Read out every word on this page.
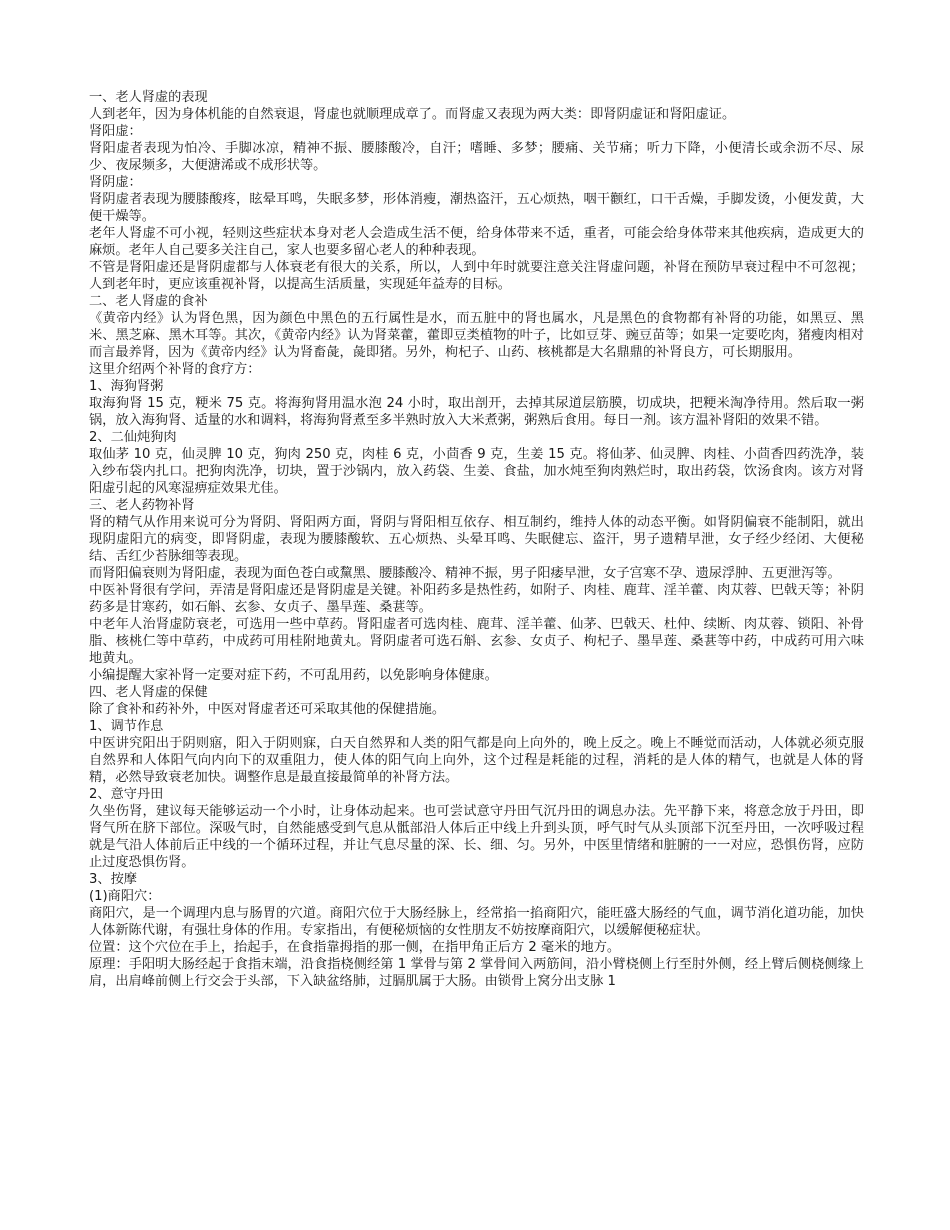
一、老人肾虚的表现
人到老年，因为身体机能的自然衰退，肾虚也就顺理成章了。而肾虚又表现为两大类：即肾阴虚证和肾阳虚证。
肾阳虚：
肾阳虚者表现为怕冷、手脚冰凉，精神不振、腰膝酸冷，自汗；嗜睡、多梦；腰痛、关节痛；听力下降，小便清长或余沥不尽、尿少、夜尿频多，大便溏浠或不成形状等。
肾阴虚：
肾阴虚者表现为腰膝酸疼，眩晕耳鸣，失眠多梦，形体消瘦，潮热盗汗，五心烦热，咽干颧红，口干舌燥，手脚发烫，小便发黄，大便干燥等。
老年人肾虚不可小视，轻则这些症状本身对老人会造成生活不便，给身体带来不适，重者，可能会给身体带来其他疾病，造成更大的麻烦。老年人自己要多关注自己，家人也要多留心老人的种种表现。
不管是肾阳虚还是肾阴虚都与人体衰老有很大的关系，所以，人到中年时就要注意关注肾虚问题，补肾在预防早衰过程中不可忽视；人到老年时，更应该重视补肾，以提高生活质量，实现延年益寿的目标。
二、老人肾虚的食补
《黄帝内经》认为肾色黑，因为颜色中黑色的五行属性是水，而五脏中的肾也属水，凡是黑色的食物都有补肾的功能，如黑豆、黑米、黑芝麻、黑木耳等。其次，《黄帝内经》认为肾菜藿，藿即豆类植物的叶子，比如豆芽、豌豆苗等；如果一定要吃肉，猪瘦肉相对而言最养肾，因为《黄帝内经》认为肾畜彘，彘即猪。另外，枸杞子、山药、核桃都是大名鼎鼎的补肾良方，可长期服用。
这里介绍两个补肾的食疗方：
1、海狗肾粥
取海狗肾 15 克，粳米 75 克。将海狗肾用温水泡 24 小时，取出剖开，去掉其尿道层筋膜，切成块，把粳米淘净待用。然后取一粥锅，放入海狗肾、适量的水和调料，将海狗肾煮至多半熟时放入大米煮粥，粥熟后食用。每日一剂。该方温补肾阳的效果不错。
2、二仙炖狗肉
取仙茅 10 克，仙灵脾 10 克，狗肉 250 克，肉桂 6 克，小茴香 9 克，生姜 15 克。将仙茅、仙灵脾、肉桂、小茴香四药洗净，装入纱布袋内扎口。把狗肉洗净，切块，置于沙锅内，放入药袋、生姜、食盐，加水炖至狗肉熟烂时，取出药袋，饮汤食肉。该方对肾阳虚引起的风寒湿痹症效果尤佳。
三、老人药物补肾
肾的精气从作用来说可分为肾阴、肾阳两方面，肾阴与肾阳相互依存、相互制约，维持人体的动态平衡。如肾阴偏衰不能制阳，就出现阴虚阳亢的病变，即肾阴虚，表现为腰膝酸软、五心烦热、头晕耳鸣、失眠健忘、盗汗，男子遗精早泄，女子经少经闭、大便秘结、舌红少苔脉细等表现。
而肾阳偏衰则为肾阳虚，表现为面色苍白或黧黑、腰膝酸冷、精神不振，男子阳痿早泄，女子宫寒不孕、遗尿浮肿、五更泄泻等。
中医补肾很有学问，弄清是肾阳虚还是肾阴虚是关键。补阳药多是热性药，如附子、肉桂、鹿茸、淫羊藿、肉苁蓉、巴戟天等；补阴药多是甘寒药，如石斛、玄参、女贞子、墨旱莲、桑葚等。
中老年人治肾虚防衰老，可选用一些中草药。肾阳虚者可选肉桂、鹿茸、淫羊藿、仙茅、巴戟天、杜仲、续断、肉苁蓉、锁阳、补骨脂、核桃仁等中草药，中成药可用桂附地黄丸。肾阴虚者可选石斛、玄参、女贞子、枸杞子、墨旱莲、桑葚等中药，中成药可用六味地黄丸。
小编提醒大家补肾一定要对症下药，不可乱用药，以免影响身体健康。
四、老人肾虚的保健
除了食补和药补外，中医对肾虚者还可采取其他的保健措施。
1、调节作息
中医讲究阳出于阴则寤，阳入于阴则寐，白天自然界和人类的阳气都是向上向外的，晚上反之。晚上不睡觉而活动，人体就必须克服自然界和人体阳气向内向下的双重阻力，使人体的阳气向上向外，这个过程是耗能的过程，消耗的是人体的精气，也就是人体的肾精，必然导致衰老加快。调整作息是最直接最简单的补肾方法。
2、意守丹田
久坐伤肾，建议每天能够运动一个小时，让身体动起来。也可尝试意守丹田气沉丹田的调息办法。先平静下来，将意念放于丹田，即肾气所在脐下部位。深吸气时，自然能感受到气息从骶部沿人体后正中线上升到头顶，呼气时气从头顶部下沉至丹田，一次呼吸过程就是气沿人体前后正中线的一个循环过程，并让气息尽量的深、长、细、匀。另外，中医里情绪和脏腑的一一对应，恐惧伤肾，应防止过度恐惧伤肾。
3、按摩
(1)商阳穴：
商阳穴，是一个调理内息与肠胃的穴道。商阳穴位于大肠经脉上，经常掐一掐商阳穴，能旺盛大肠经的气血，调节消化道功能，加快人体新陈代谢，有强壮身体的作用。专家指出，有便秘烦恼的女性朋友不妨按摩商阳穴，以缓解便秘症状。
位置：这个穴位在手上，抬起手，在食指靠拇指的那一侧，在指甲角正后方 2 毫米的地方。
原理：手阳明大肠经起于食指末端，沿食指桡侧经第 1 掌骨与第 2 掌骨间入两筋间，沿小臂桡侧上行至肘外侧，经上臂后侧桡侧缘上肩，出肩峰前侧上行交会于头部，下入缺盆络肺，过膈肌属于大肠。由锁骨上窝分出支脉 1
